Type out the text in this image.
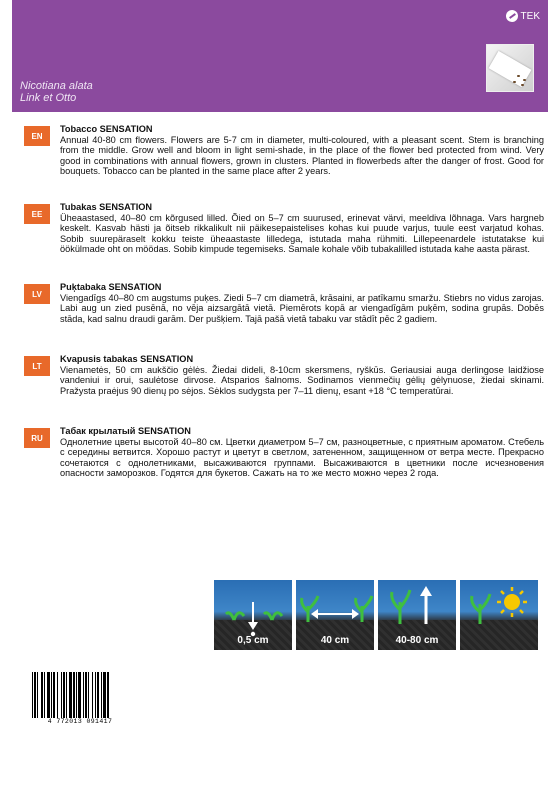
TEK
Nicotiana alata
Link et Otto
EN
Tobacco SENSATION
Annual 40-80 cm flowers. Flowers are 5-7 cm in diameter, multi-coloured, with a pleasant scent. Stem is branching from the middle. Grow well and bloom in light semi-shade, in the place of the flower bed protected from wind. Very good in combinations with annual flowers, grown in clusters. Planted in flowerbeds after the danger of frost. Good for bouquets. Tobacco can be planted in the same place after 2 years.
EE
Tubakas SENSATION
Üheaastased, 40–80 cm kõrgused lilled. Õied on 5–7 cm suurused, erinevat värvi, meeldiva lõhnaga. Vars hargneb keskelt. Kasvab hästi ja õitseb rikkalikult nii päikesepaistelises kohas kui puude varjus, tuule eest varjatud kohas. Sobib suurepäraselt kokku teiste üheaastaste lilledega, istutada maha rühmiti. Lillepeenardele istutatakse kui öökülmade oht on möödas. Sobib kimpude tegemiseks. Samale kohale võib tubakalilled istutada kahe aasta pärast.
LV
Puķtabaka SENSATION
Viengadīgs 40–80 cm augstums puķes. Ziedi 5–7 cm diametrā, krāsaini, ar patīkamu smaržu. Stiebrs no vidus zarojas. Labi aug un zied pusēnā, no vēja aizsargātā vietā. Piemērots kopā ar viengadīgām puķēm, sodina grupās. Dobēs stāda, kad salnu draudi garām. Der pušķiem. Tajā pašā vietā tabaku var stādīt pēc 2 gadiem.
LT
Kvapusis tabakas SENSATION
Vienametės, 50 cm aukščio gėlės. Žiedai dideli, 8-10cm skersmens, ryškūs. Geriausiai auga derlingose laidžiose vandeniui ir orui, saulėtose dirvose. Atsparios šalnoms. Sodinamos vienmečių gėlių gėlynuose, žiedai skinami. Pražysta praėjus 90 dienų po sėjos. Sėklos sudygsta per 7–11 dienų, esant +18 °C temperatūrai.
RU
Табак крылатый SENSATION
Однолетние цветы высотой 40–80 см. Цветки диаметром 5–7 см, разноцветные, с приятным ароматом. Стебель с середины ветвится. Хорошо растут и цветут в светлом, затененном, защищенном от ветра месте. Прекрасно сочетаются с однолетниками, высаживаются группами. Высаживаются в цветники после исчезновения опасности заморозков. Годятся для букетов. Сажать на то же место можно через 2 года.
0,5 cm	40 cm	40-80 cm
4 772013 091417
